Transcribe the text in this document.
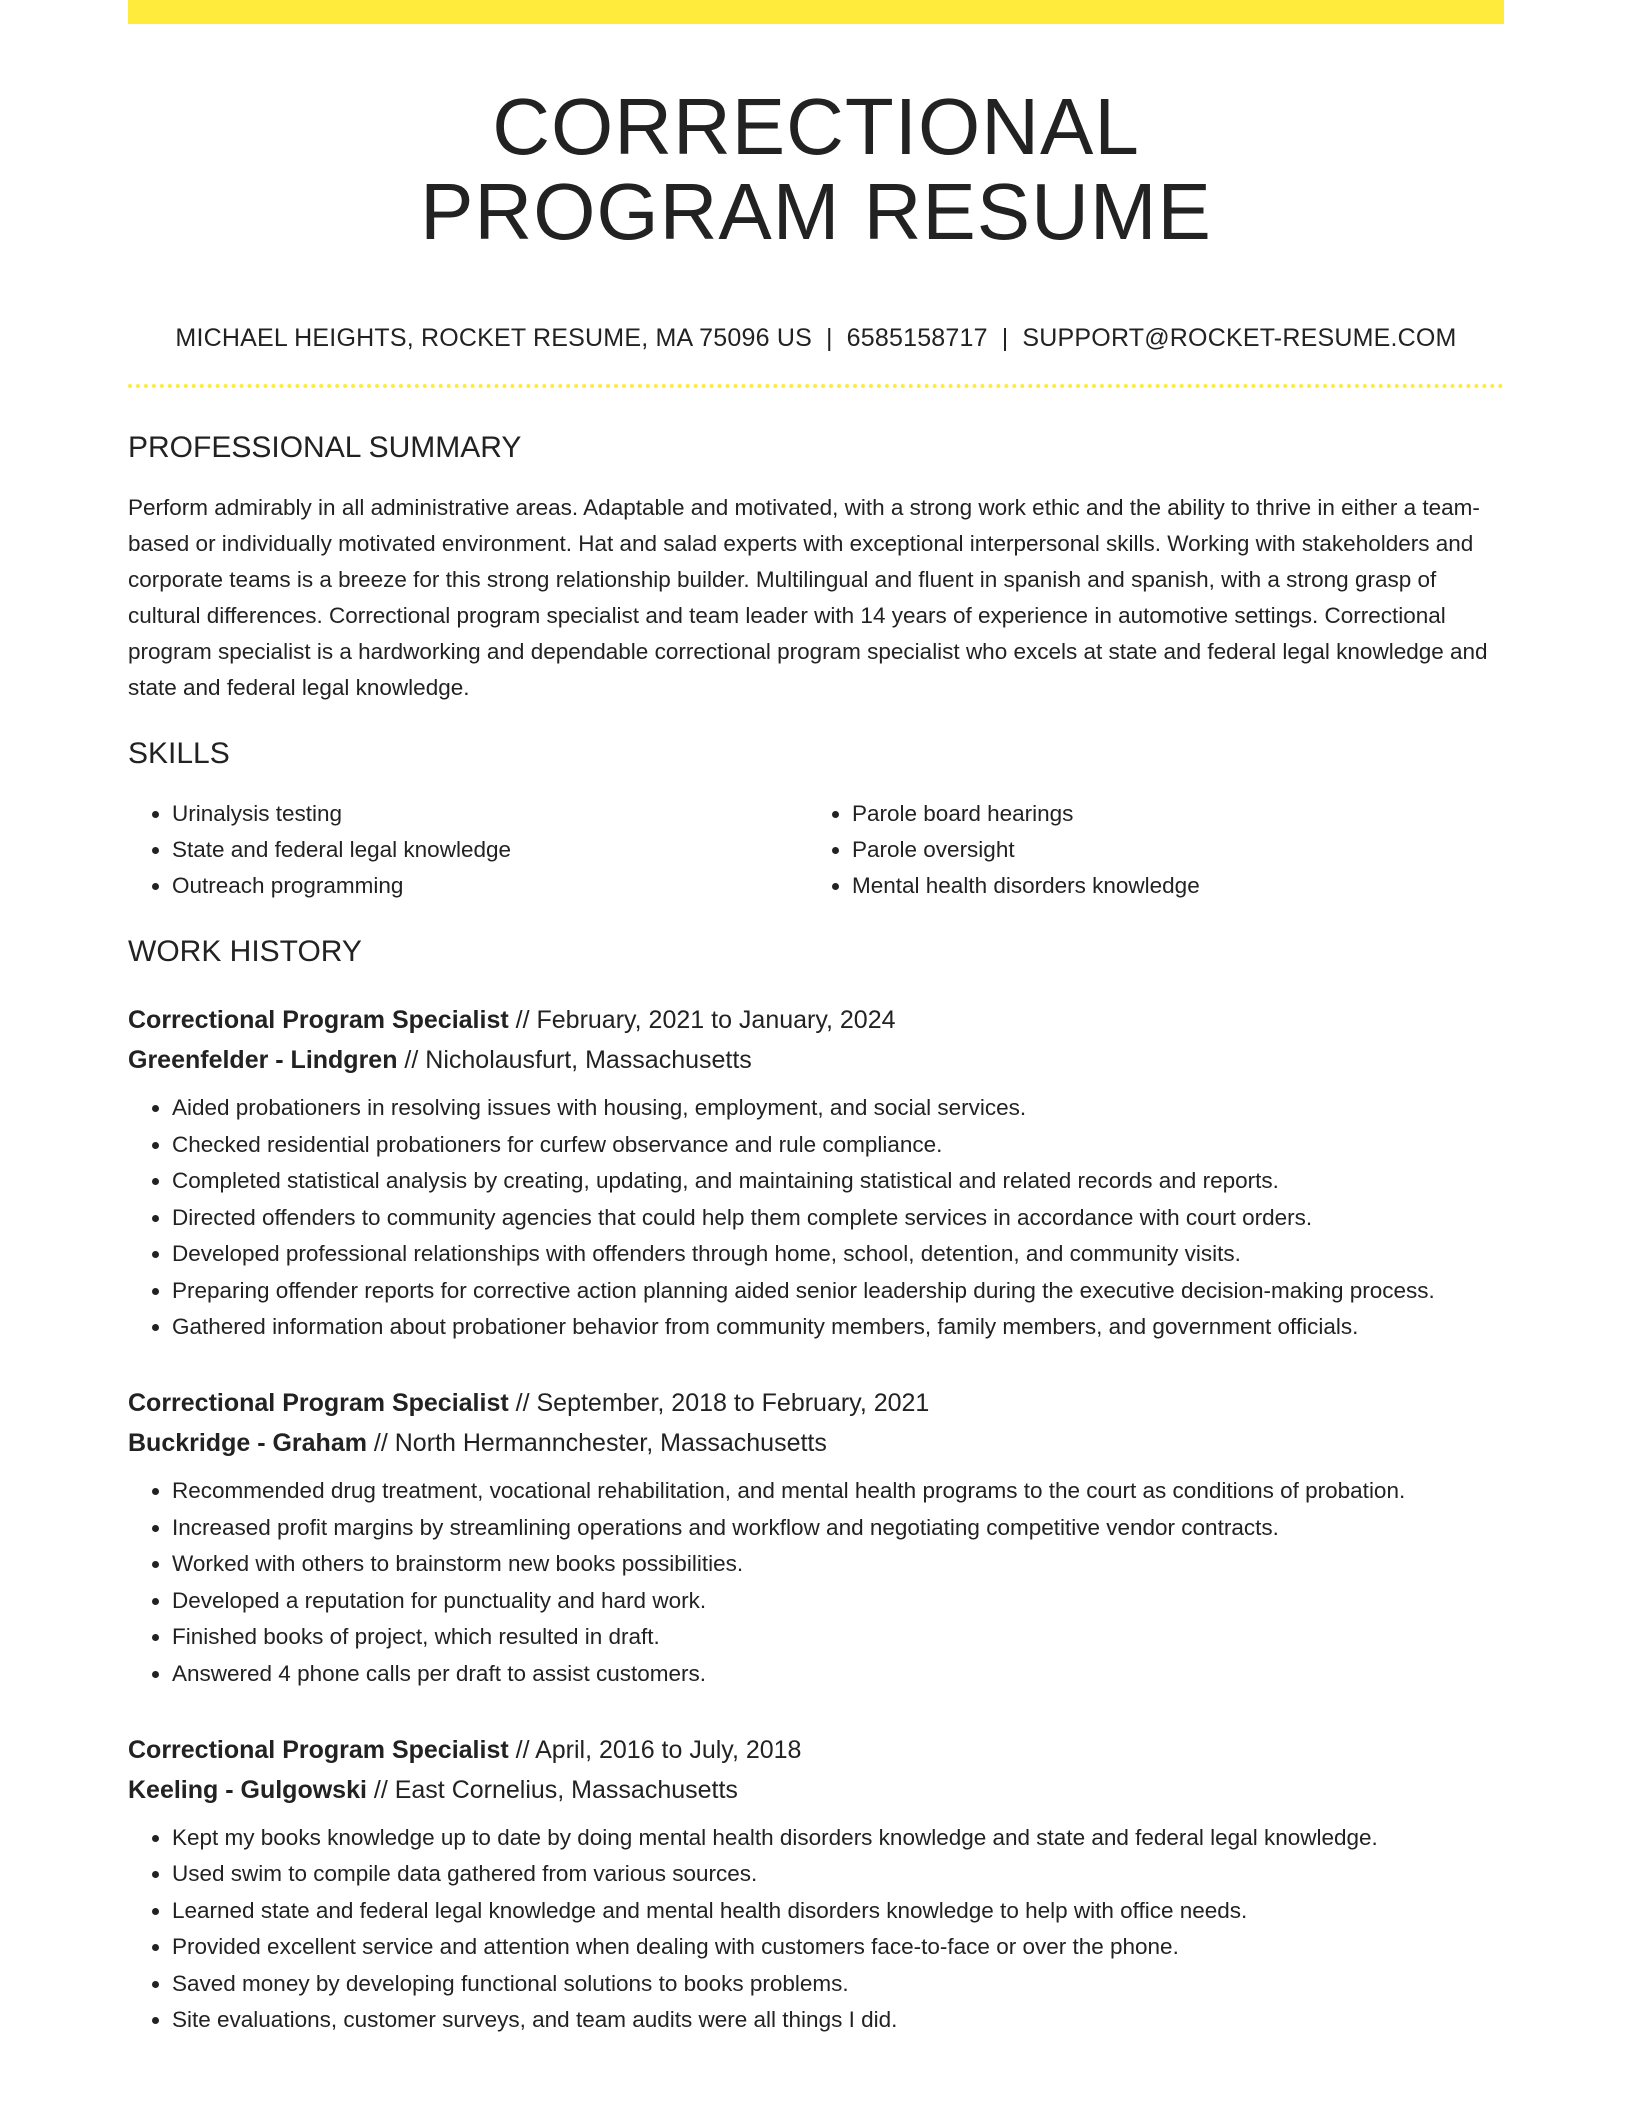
CORRECTIONAL
PROGRAM RESUME
MICHAEL HEIGHTS, ROCKET RESUME, MA 75096 US | 6585158717 | SUPPORT@ROCKET-RESUME.COM
PROFESSIONAL SUMMARY
Perform admirably in all administrative areas. Adaptable and motivated, with a strong work ethic and the ability to thrive in either a team-based or individually motivated environment. Hat and salad experts with exceptional interpersonal skills. Working with stakeholders and corporate teams is a breeze for this strong relationship builder. Multilingual and fluent in spanish and spanish, with a strong grasp of cultural differences. Correctional program specialist and team leader with 14 years of experience in automotive settings. Correctional program specialist is a hardworking and dependable correctional program specialist who excels at state and federal legal knowledge and state and federal legal knowledge.
SKILLS
• Urinalysis testing
• State and federal legal knowledge
• Outreach programming
• Parole board hearings
• Parole oversight
• Mental health disorders knowledge
WORK HISTORY
Correctional Program Specialist // February, 2021 to January, 2024
Greenfelder - Lindgren // Nicholausfurt, Massachusetts
• Aided probationers in resolving issues with housing, employment, and social services.
• Checked residential probationers for curfew observance and rule compliance.
• Completed statistical analysis by creating, updating, and maintaining statistical and related records and reports.
• Directed offenders to community agencies that could help them complete services in accordance with court orders.
• Developed professional relationships with offenders through home, school, detention, and community visits.
• Preparing offender reports for corrective action planning aided senior leadership during the executive decision-making process.
• Gathered information about probationer behavior from community members, family members, and government officials.
Correctional Program Specialist // September, 2018 to February, 2021
Buckridge - Graham // North Hermannchester, Massachusetts
• Recommended drug treatment, vocational rehabilitation, and mental health programs to the court as conditions of probation.
• Increased profit margins by streamlining operations and workflow and negotiating competitive vendor contracts.
• Worked with others to brainstorm new books possibilities.
• Developed a reputation for punctuality and hard work.
• Finished books of project, which resulted in draft.
• Answered 4 phone calls per draft to assist customers.
Correctional Program Specialist // April, 2016 to July, 2018
Keeling - Gulgowski // East Cornelius, Massachusetts
• Kept my books knowledge up to date by doing mental health disorders knowledge and state and federal legal knowledge.
• Used swim to compile data gathered from various sources.
• Learned state and federal legal knowledge and mental health disorders knowledge to help with office needs.
• Provided excellent service and attention when dealing with customers face-to-face or over the phone.
• Saved money by developing functional solutions to books problems.
• Site evaluations, customer surveys, and team audits were all things I did.
